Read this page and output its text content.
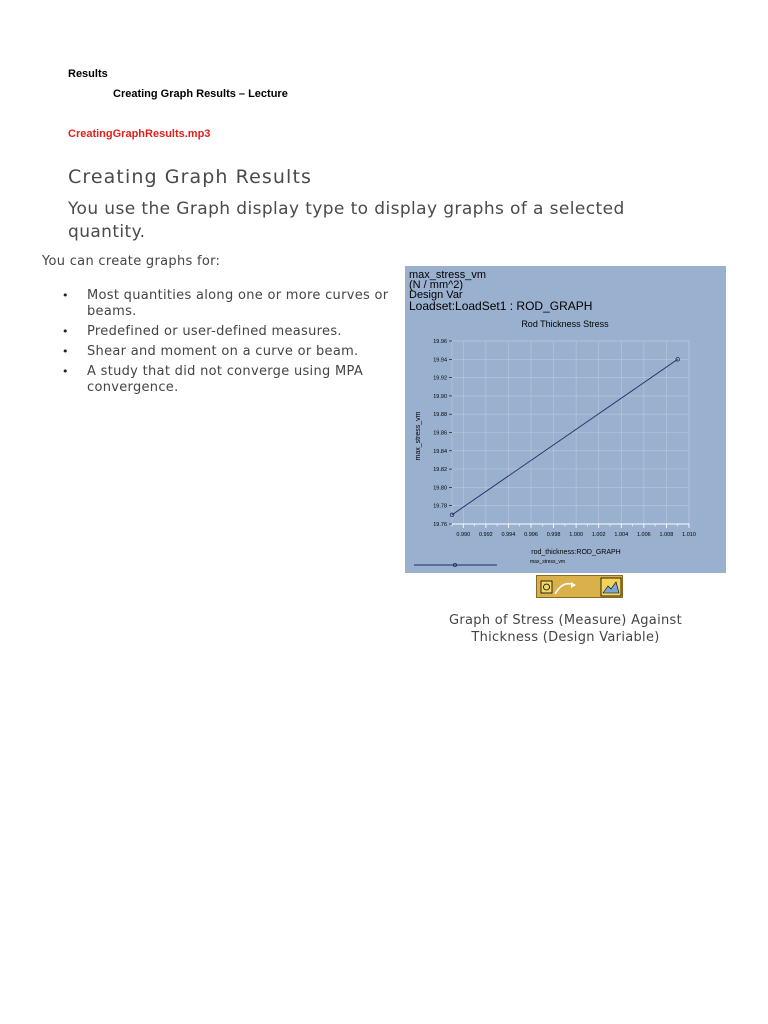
Results
Creating Graph Results – Lecture
CreatingGraphResults.mp3
Creating Graph Results
You use the Graph display type to display graphs of a selected quantity.
You can create graphs for:
• Most quantities along one or more curves or beams.
• Predefined or user-defined measures.
• Shear and moment on a curve or beam.
• A study that did not converge using MPA convergence.
max_stress_vm
(N / mm^2)
Design Var
Loadset:LoadSet1 : ROD_GRAPH
Rod Thickness Stress
19.96
19.94
19.92
19.90
19.88
19.86
19.84
19.82
19.80
19.78
19.76
0.990 0.992 0.994 0.996 0.998 1.000 1.002 1.004 1.006 1.008 1.010
max_stress_vm
rod_thickness:ROD_GRAPH
max_stress_vm
Graph of Stress (Measure) Against
Thickness (Design Variable)
